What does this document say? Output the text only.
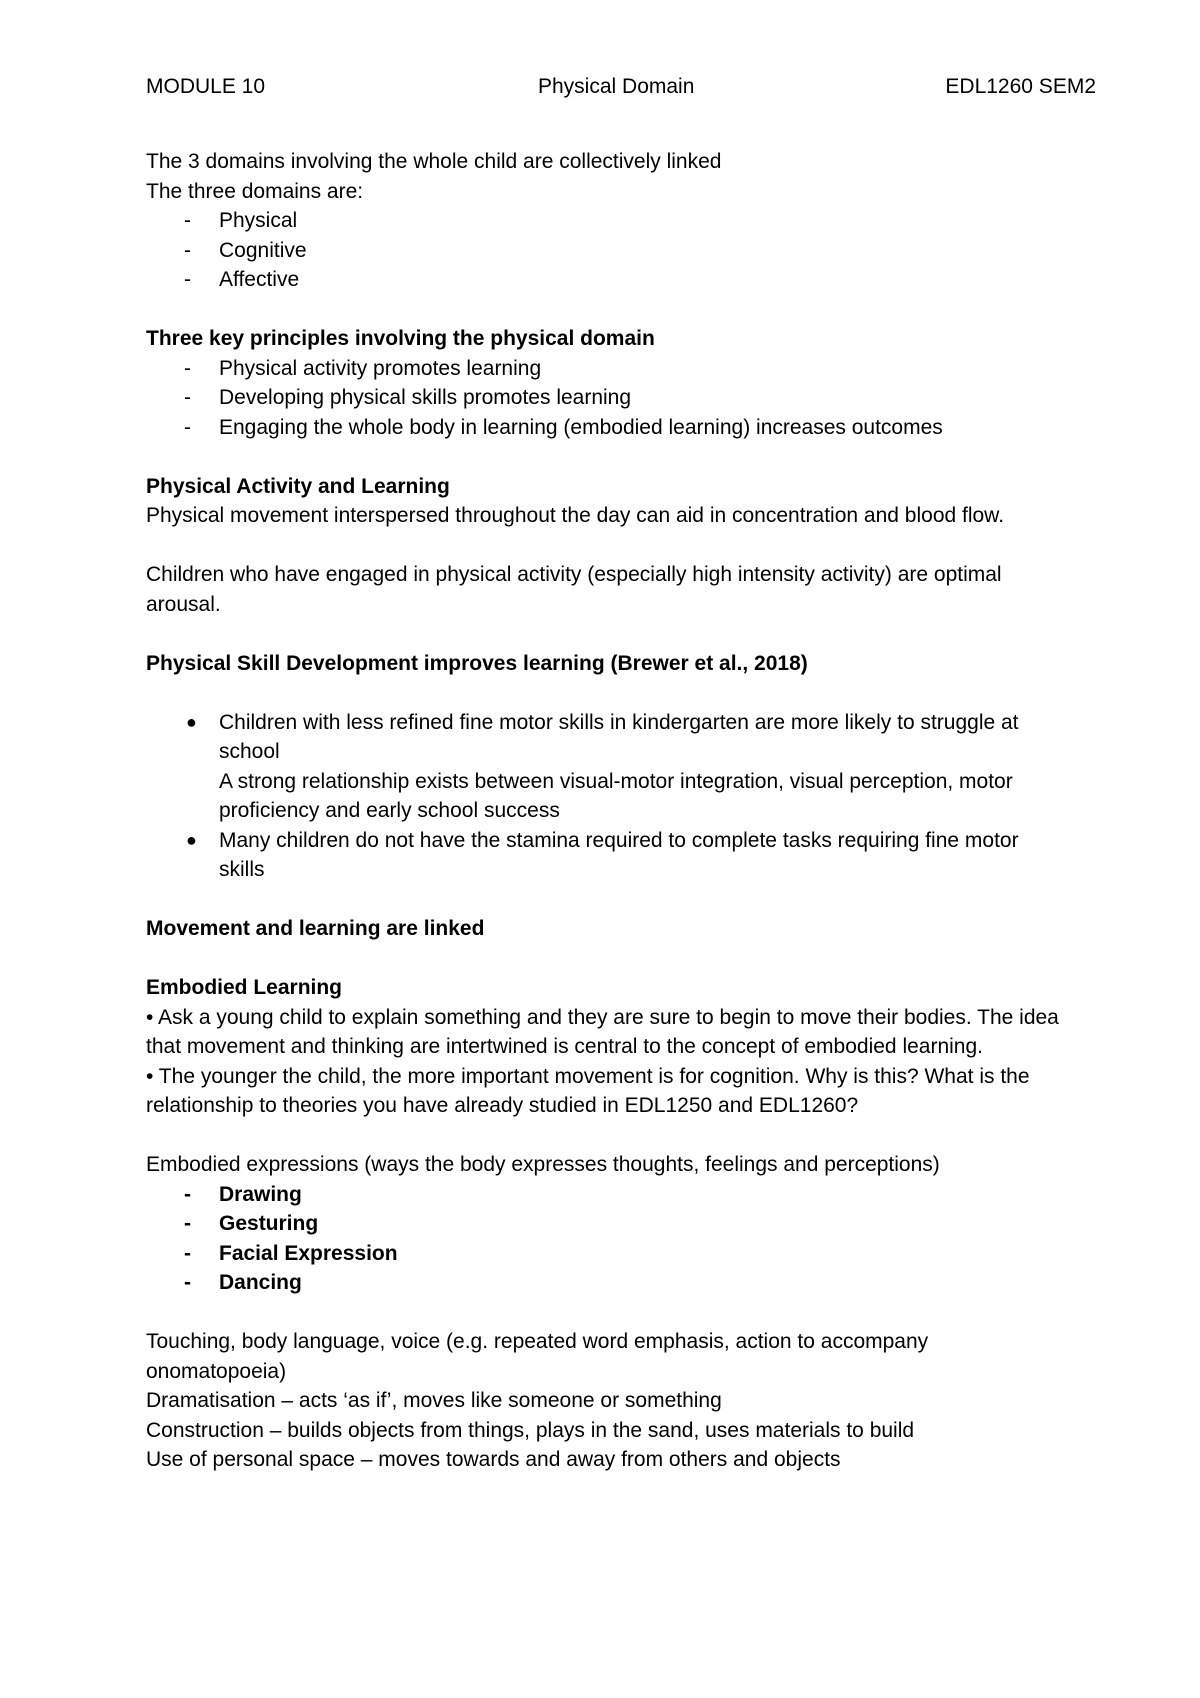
MODULE 10	Physical Domain	EDL1260 SEM2

The 3 domains involving the whole child are collectively linked

The three domains are:

- Physical
- Cognitive
- Affective

Three key principles involving the physical domain

- Physical activity promotes learning
- Developing physical skills promotes learning
- Engaging the whole body in learning (embodied learning) increases outcomes

Physical Activity and Learning

Physical movement interspersed throughout the day can aid in concentration and blood flow.

Children who have engaged in physical activity (especially high intensity activity) are optimal arousal.

Physical Skill Development improves learning (Brewer et al., 2018)

● Children with less refined fine motor skills in kindergarten are more likely to struggle at school
A strong relationship exists between visual-motor integration, visual perception, motor proficiency and early school success
● Many children do not have the stamina required to complete tasks requiring fine motor skills

Movement and learning are linked

Embodied Learning

• Ask a young child to explain something and they are sure to begin to move their bodies. The idea that movement and thinking are intertwined is central to the concept of embodied learning.

• The younger the child, the more important movement is for cognition. Why is this? What is the relationship to theories you have already studied in EDL1250 and EDL1260?

Embodied expressions (ways the body expresses thoughts, feelings and perceptions)

- Drawing
- Gesturing
- Facial Expression
- Dancing

Touching, body language, voice (e.g. repeated word emphasis, action to accompany onomatopoeia)

Dramatisation – acts ‘as if’, moves like someone or something

Construction – builds objects from things, plays in the sand, uses materials to build

Use of personal space – moves towards and away from others and objects
